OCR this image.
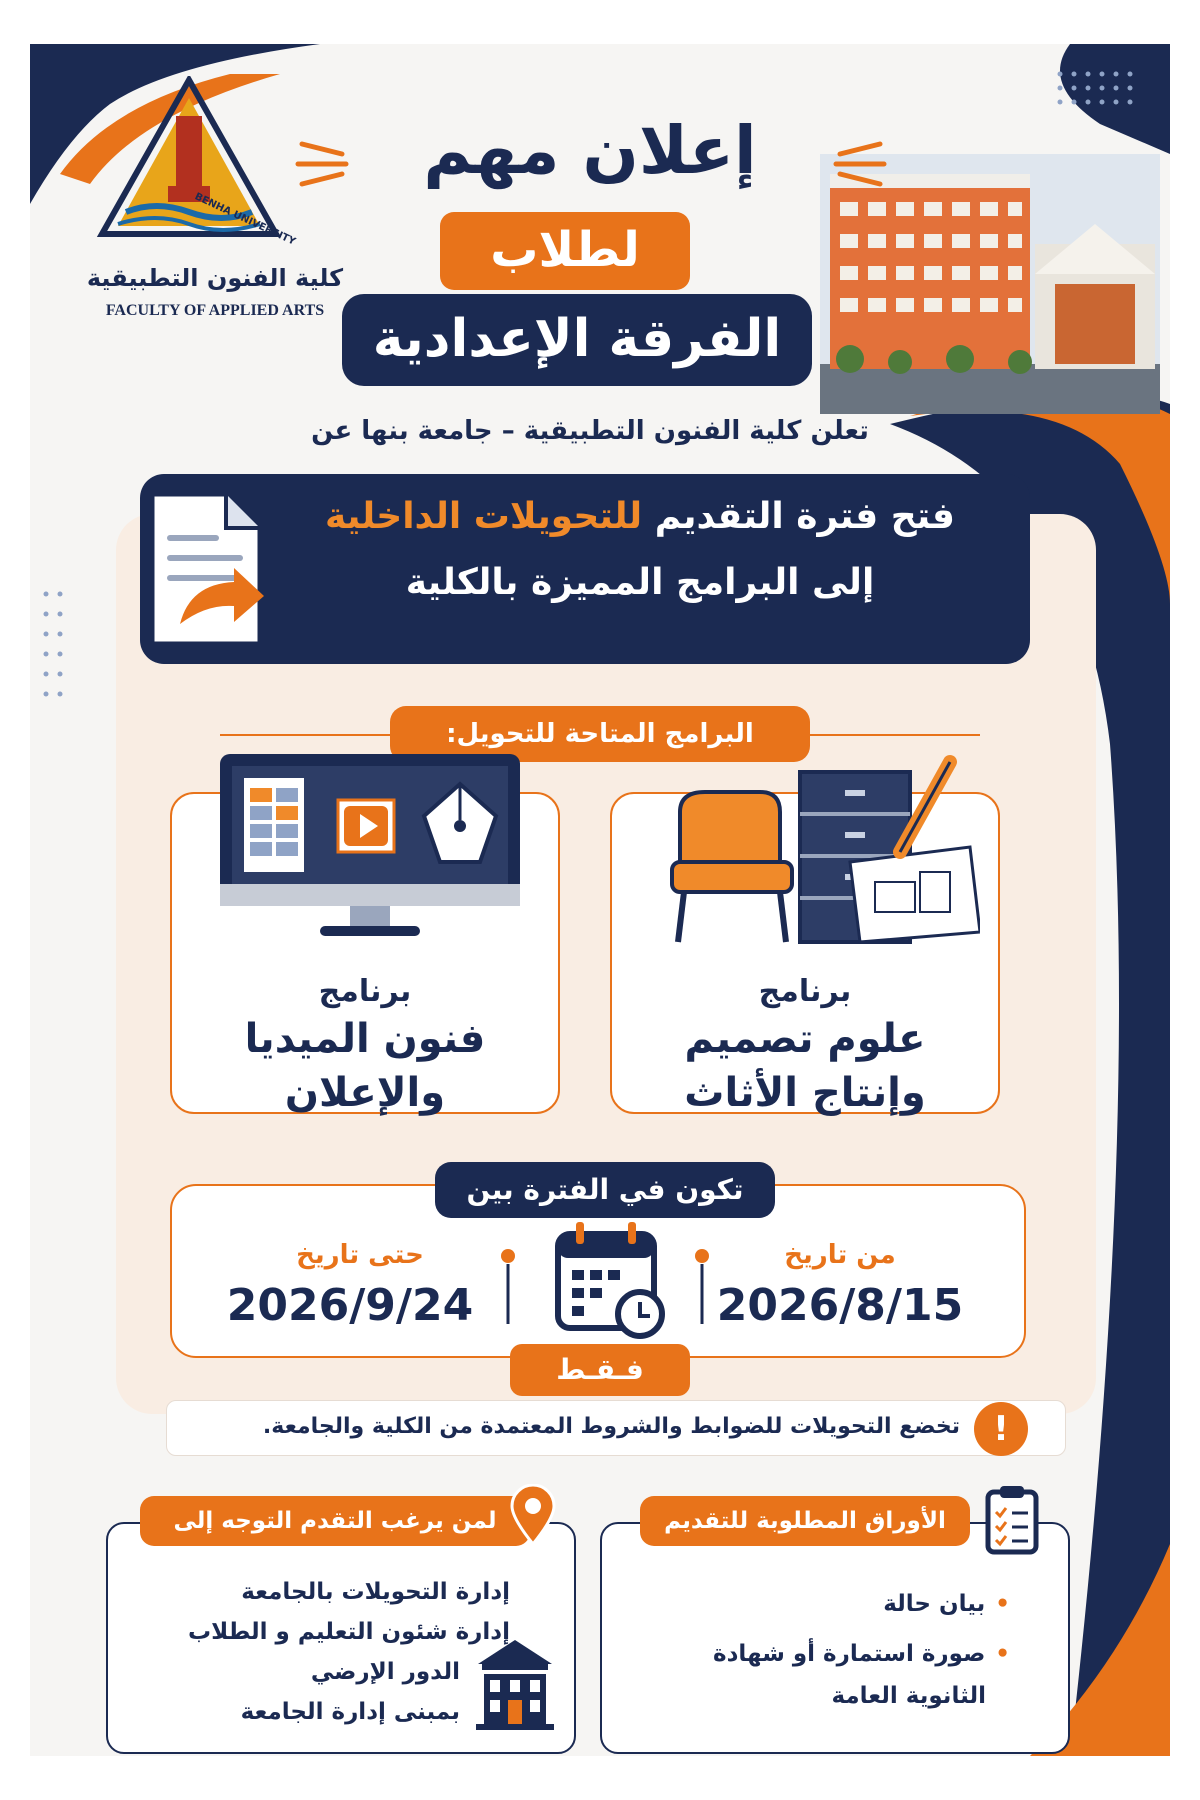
BENHA UNIVERSITY
كلية الفنون التطبيقية
FACULTY OF APPLIED ARTS
إعلان مهم
لطلاب
الفرقة الإعدادية
تعلن كلية الفنون التطبيقية – جامعة بنها عن
فتح فترة التقديم للتحويلات الداخلية
إلى البرامج المميزة بالكلية
البرامج المتاحة للتحويل:
برنامج
علوم تصميم
وإنتاج الأثاث
برنامج
فنون الميديا
والإعلان
تكون في الفترة بين
من تاريخ
2026/8/15
حتى تاريخ
2026/9/24
فـقـط
تخضع التحويلات للضوابط والشروط المعتمدة من الكلية والجامعة. !
الأوراق المطلوبة للتقديم
•بيان حالة
•صورة استمارة أو شهادة
الثانوية العامة
لمن يرغب التقدم التوجه إلى
إدارة التحويلات بالجامعة
إدارة شئون التعليم و الطلاب
الدور الإرضي
بمبنى إدارة الجامعة
